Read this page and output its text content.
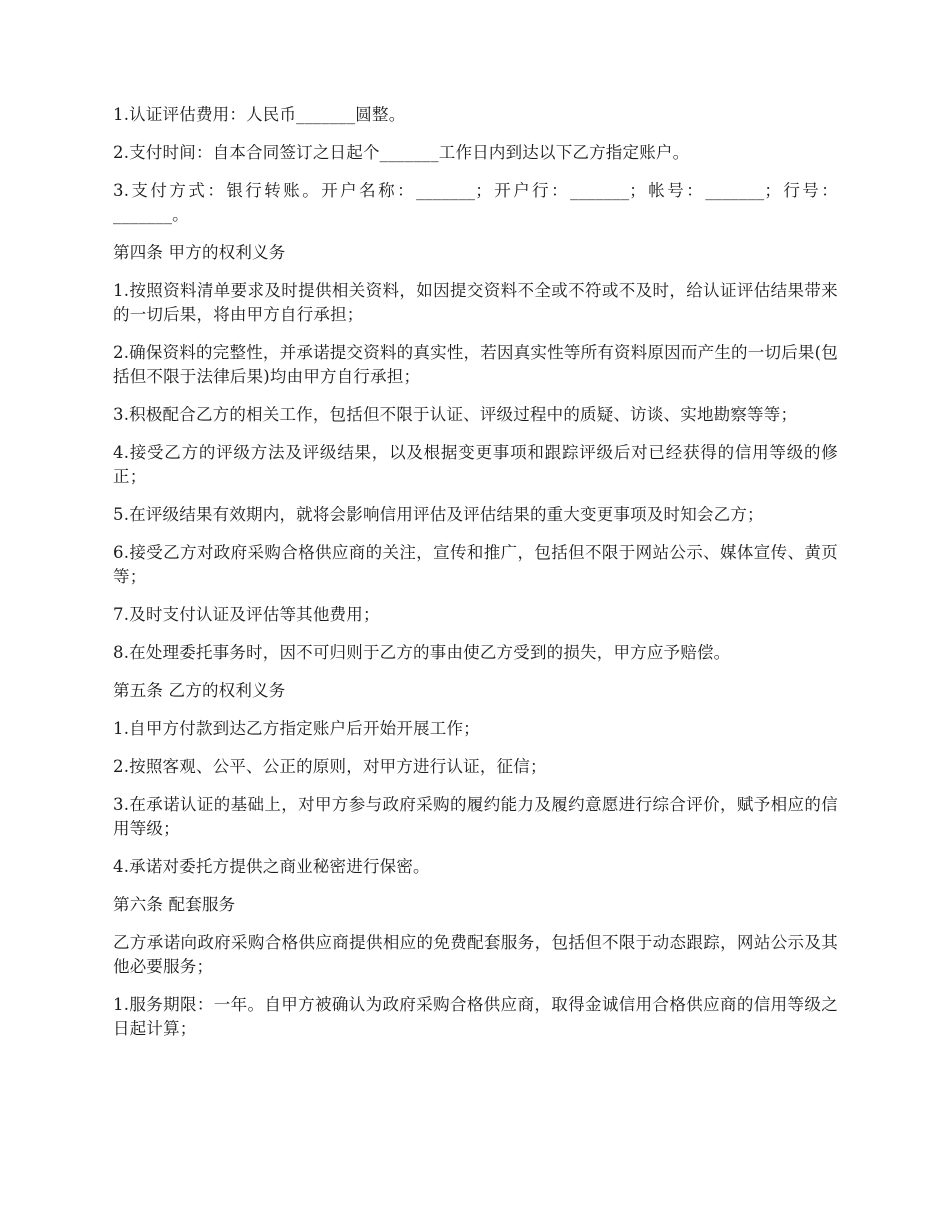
1.认证评估费用：人民币_______圆整。

2.支付时间：自本合同签订之日起个_______工作日内到达以下乙方指定账户。

3.支付方式：银行转账。开户名称：_______；开户行：_______；帐号：_______；行号：_______。

第四条 甲方的权利义务

1.按照资料清单要求及时提供相关资料，如因提交资料不全或不符或不及时，给认证评估结果带来的一切后果，将由甲方自行承担；

2.确保资料的完整性，并承诺提交资料的真实性，若因真实性等所有资料原因而产生的一切后果(包括但不限于法律后果)均由甲方自行承担；

3.积极配合乙方的相关工作，包括但不限于认证、评级过程中的质疑、访谈、实地勘察等等；

4.接受乙方的评级方法及评级结果，以及根据变更事项和跟踪评级后对已经获得的信用等级的修正；

5.在评级结果有效期内，就将会影响信用评估及评估结果的重大变更事项及时知会乙方；

6.接受乙方对政府采购合格供应商的关注，宣传和推广，包括但不限于网站公示、媒体宣传、黄页等；

7.及时支付认证及评估等其他费用；

8.在处理委托事务时，因不可归则于乙方的事由使乙方受到的损失，甲方应予赔偿。

第五条 乙方的权利义务

1.自甲方付款到达乙方指定账户后开始开展工作；

2.按照客观、公平、公正的原则，对甲方进行认证，征信；

3.在承诺认证的基础上，对甲方参与政府采购的履约能力及履约意愿进行综合评价，赋予相应的信用等级；

4.承诺对委托方提供之商业秘密进行保密。

第六条 配套服务

乙方承诺向政府采购合格供应商提供相应的免费配套服务，包括但不限于动态跟踪，网站公示及其他必要服务；

1.服务期限：一年。自甲方被确认为政府采购合格供应商，取得金诚信用合格供应商的信用等级之日起计算；
